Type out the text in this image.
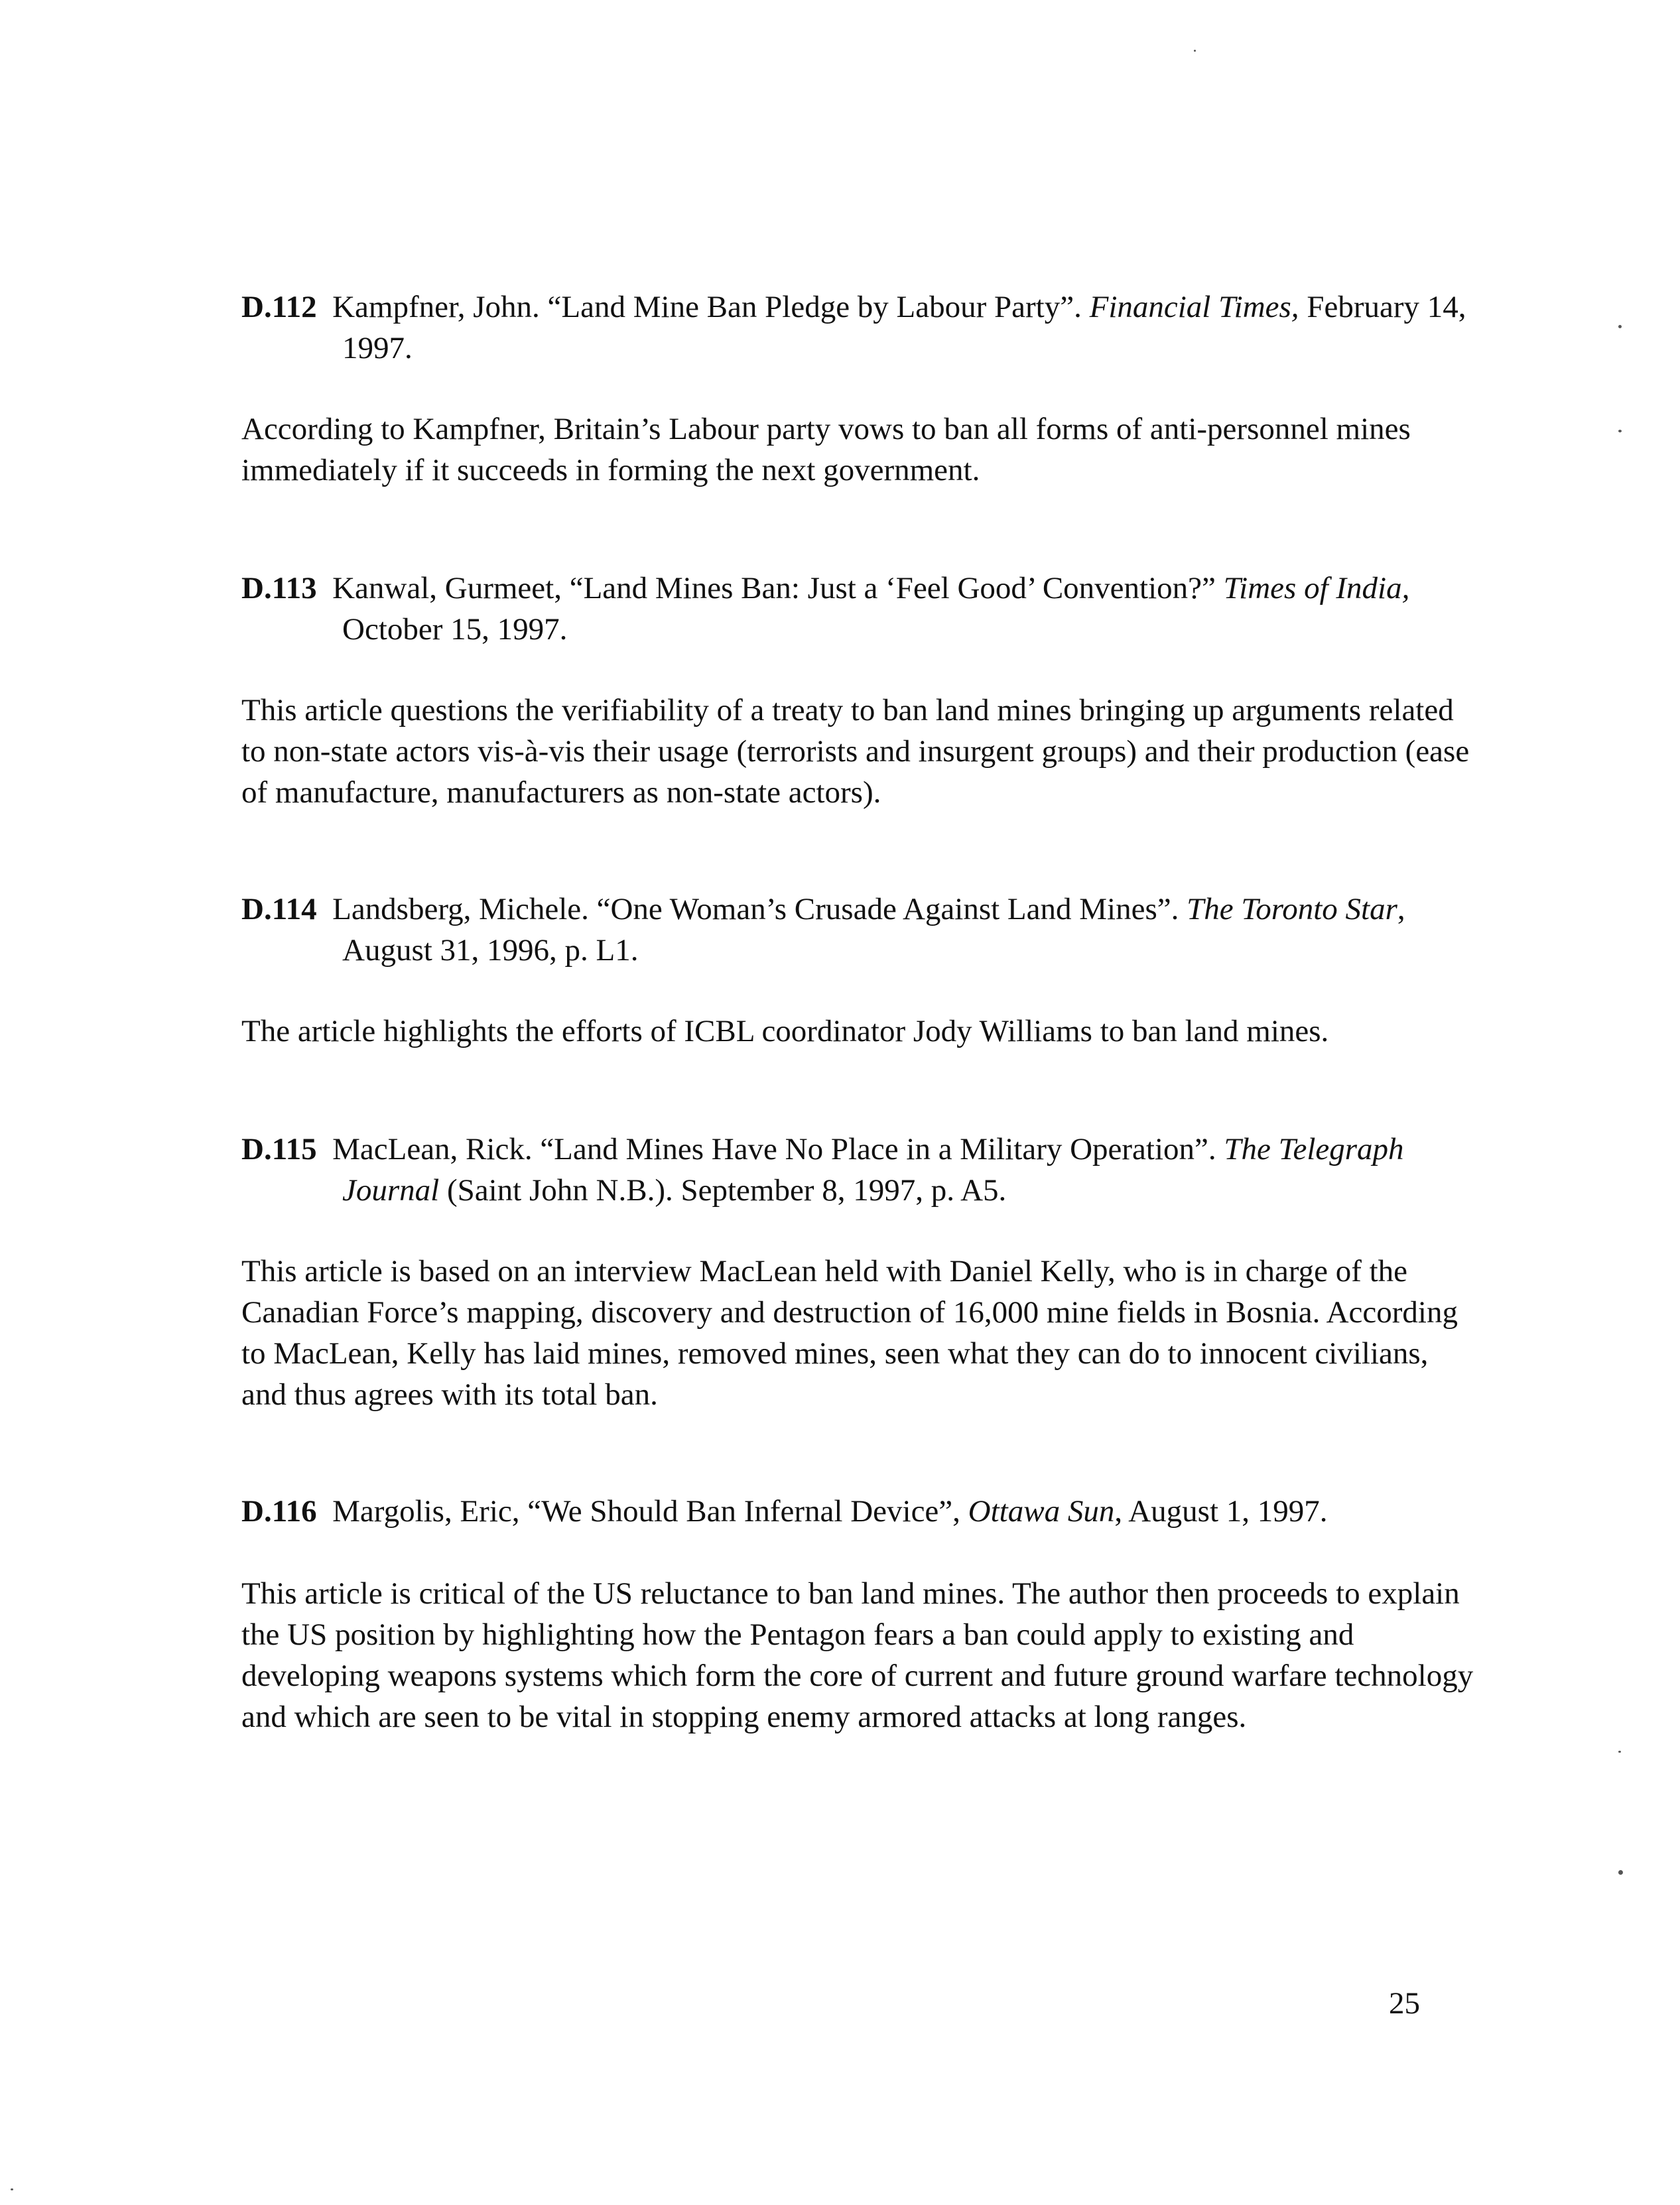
D.112 Kampfner, John. “Land Mine Ban Pledge by Labour Party”. Financial Times, February 14, 1997.

According to Kampfner, Britain’s Labour party vows to ban all forms of anti-personnel mines immediately if it succeeds in forming the next government.

D.113 Kanwal, Gurmeet, “Land Mines Ban: Just a ‘Feel Good’ Convention?” Times of India, October 15, 1997.

This article questions the verifiability of a treaty to ban land mines bringing up arguments related to non-state actors vis-à-vis their usage (terrorists and insurgent groups) and their production (ease of manufacture, manufacturers as non-state actors).

D.114 Landsberg, Michele. “One Woman’s Crusade Against Land Mines”. The Toronto Star, August 31, 1996, p. L1.

The article highlights the efforts of ICBL coordinator Jody Williams to ban land mines.

D.115 MacLean, Rick. “Land Mines Have No Place in a Military Operation”. The Telegraph Journal (Saint John N.B.). September 8, 1997, p. A5.

This article is based on an interview MacLean held with Daniel Kelly, who is in charge of the Canadian Force’s mapping, discovery and destruction of 16,000 mine fields in Bosnia. According to MacLean, Kelly has laid mines, removed mines, seen what they can do to innocent civilians, and thus agrees with its total ban.

D.116 Margolis, Eric, “We Should Ban Infernal Device”, Ottawa Sun, August 1, 1997.

This article is critical of the US reluctance to ban land mines. The author then proceeds to explain the US position by highlighting how the Pentagon fears a ban could apply to existing and developing weapons systems which form the core of current and future ground warfare technology and which are seen to be vital in stopping enemy armored attacks at long ranges.

25
